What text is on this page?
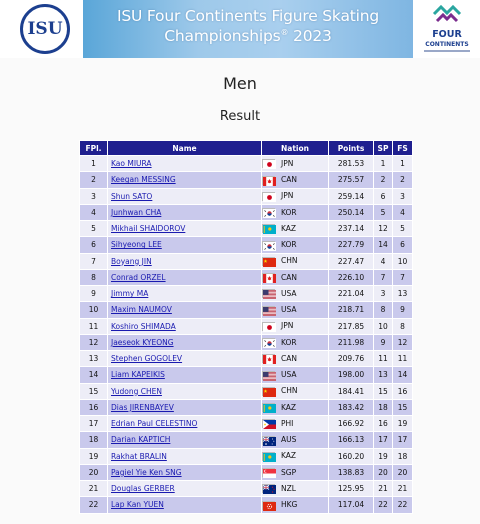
ISU
ISU Four Continents Figure Skating
Championships® 2023	FOUR
CONTINENTS
Men
Result
FPl.	Name	Nation	Points	SP	FS
1	Kao MIURA	JPN	281.53	1	1
2	Keegan MESSING	CAN	275.57	2	2
3	Shun SATO	JPN	259.14	6	3
4	Junhwan CHA	KOR	250.14	5	4
5	Mikhail SHAIDOROV	KAZ	237.14	12	5
6	Sihyeong LEE	KOR	227.79	14	6
7	Boyang JIN	CHN	227.47	4	10
8	Conrad ORZEL	CAN	226.10	7	7
9	Jimmy MA	USA	221.04	3	13
10	Maxim NAUMOV	USA	218.71	8	9
11	Koshiro SHIMADA	JPN	217.85	10	8
12	Jaeseok KYEONG	KOR	211.98	9	12
13	Stephen GOGOLEV	CAN	209.76	11	11
14	Liam KAPEIKIS	USA	198.00	13	14
15	Yudong CHEN	CHN	184.41	15	16
16	Dias JIRENBAYEV	KAZ	183.42	18	15
17	Edrian Paul CELESTINO	PHI	166.92	16	19
18	Darian KAPTICH	AUS	166.13	17	17
19	Rakhat BRALIN	KAZ	160.20	19	18
20	Pagiel Yie Ken SNG	SGP	138.83	20	20
21	Douglas GERBER	NZL	125.95	21	21
22	Lap Kan YUEN	HKG	117.04	22	22
